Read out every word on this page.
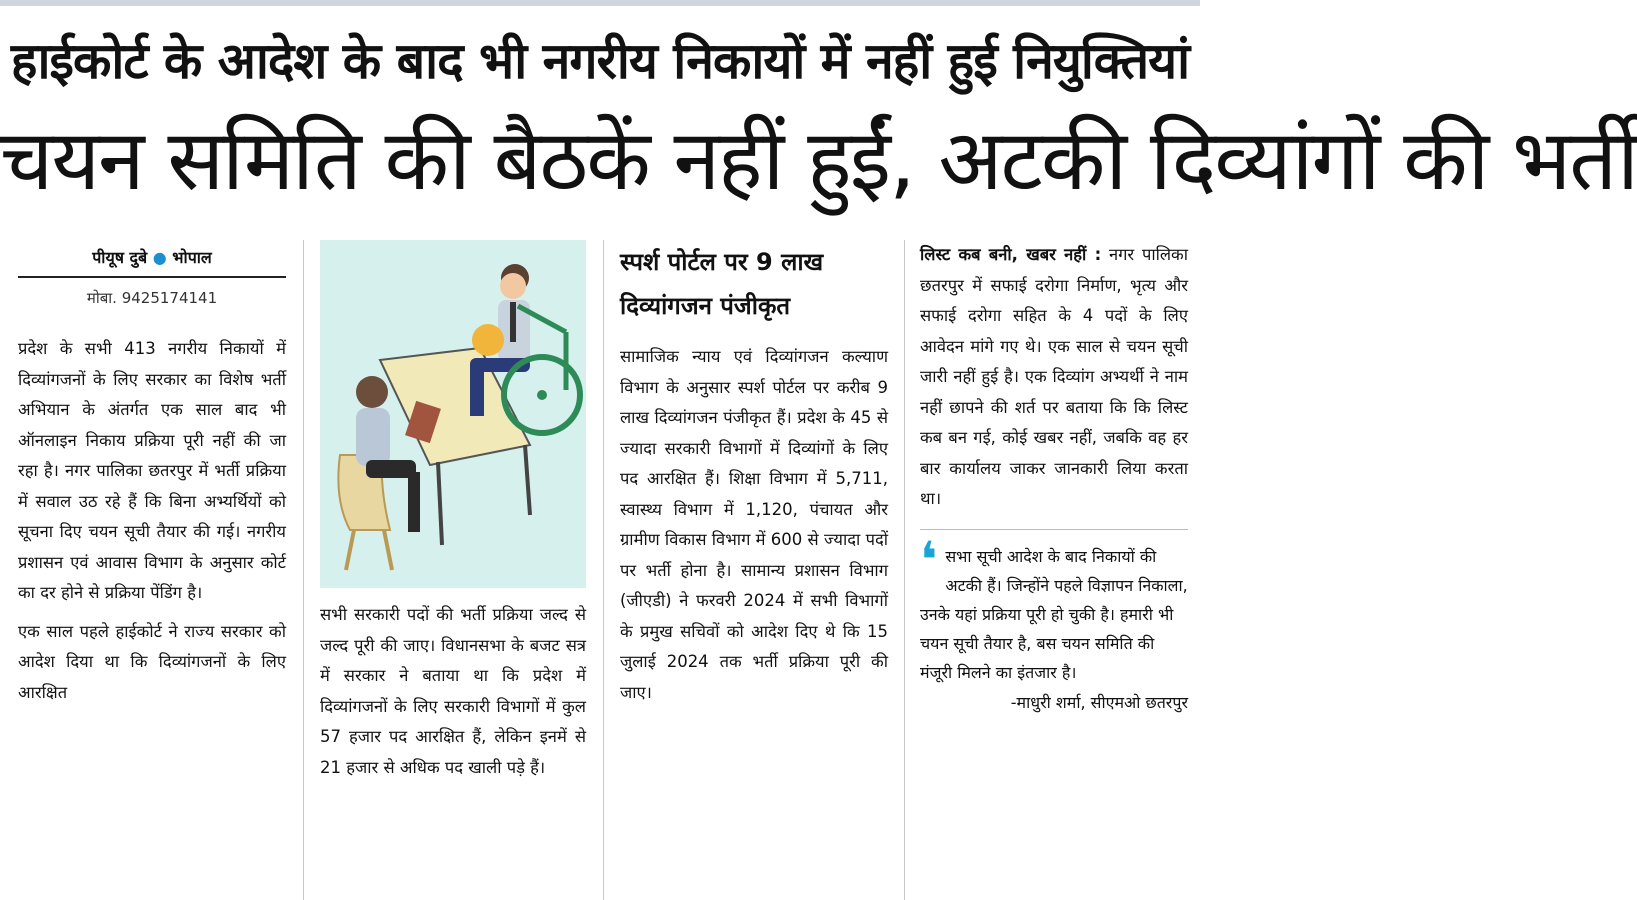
हाईकोर्ट के आदेश के बाद भी नगरीय निकायों में नहीं हुई नियुक्तियां
चयन समिति की बैठकें नहीं हुईं, अटकी दिव्यांगों की भर्ती
पीयूष दुबे ● भोपाल
मोबा. 9425174141

प्रदेश के सभी 413 नगरीय निकायों में दिव्यांगजनों के लिए सरकार का विशेष भर्ती अभियान के अंतर्गत एक साल बाद भी ऑनलाइन निकाय प्रक्रिया पूरी नहीं की जा रहा है। नगर पालिका छतरपुर में भर्ती प्रक्रिया में सवाल उठ रहे हैं कि बिना अभ्यर्थियों को सूचना दिए चयन सूची तैयार की गई। नगरीय प्रशासन एवं आवास विभाग के अनुसार कोर्ट का दर होने से प्रक्रिया पेंडिंग है।

एक साल पहले हाईकोर्ट ने राज्य सरकार को आदेश दिया था कि दिव्यांगजनों के लिए आरक्षित

सभी सरकारी पदों की भर्ती प्रक्रिया जल्द से जल्द पूरी की जाए। विधानसभा के बजट सत्र में सरकार ने बताया था कि प्रदेश में दिव्यांगजनों के लिए सरकारी विभागों में कुल 57 हजार पद आरक्षित हैं, लेकिन इनमें से 21 हजार से अधिक पद खाली पड़े हैं।

स्पर्श पोर्टल पर 9 लाख दिव्यांगजन पंजीकृत

सामाजिक न्याय एवं दिव्यांगजन कल्याण विभाग के अनुसार स्पर्श पोर्टल पर करीब 9 लाख दिव्यांगजन पंजीकृत हैं। प्रदेश के 45 से ज्यादा सरकारी विभागों में दिव्यांगों के लिए पद आरक्षित हैं। शिक्षा विभाग में 5,711, स्वास्थ्य विभाग में 1,120, पंचायत और ग्रामीण विकास विभाग में 600 से ज्यादा पदों पर भर्ती होना है। सामान्य प्रशासन विभाग (जीएडी) ने फरवरी 2024 में सभी विभागों के प्रमुख सचिवों को आदेश दिए थे कि 15 जुलाई 2024 तक भर्ती प्रक्रिया पूरी की जाए।

लिस्ट कब बनी, खबर नहीं : नगर पालिका छतरपुर में सफाई दरोगा निर्माण, भृत्य और सफाई दरोगा सहित के 4 पदों के लिए आवेदन मांगे गए थे। एक साल से चयन सूची जारी नहीं हुई है। एक दिव्यांग अभ्यर्थी ने नाम नहीं छापने की शर्त पर बताया कि कि लिस्ट कब बन गई, कोई खबर नहीं, जबकि वह हर बार कार्यालय जाकर जानकारी लिया करता था।

❛ सभा सूची आदेश के बाद निकायों की अटकी हैं। जिन्होंने पहले विज्ञापन निकाला, उनके यहां प्रक्रिया पूरी हो चुकी है। हमारी भी चयन सूची तैयार है, बस चयन समिति की मंजूरी मिलने का इंतजार है।
-माधुरी शर्मा, सीएमओ छतरपुर
